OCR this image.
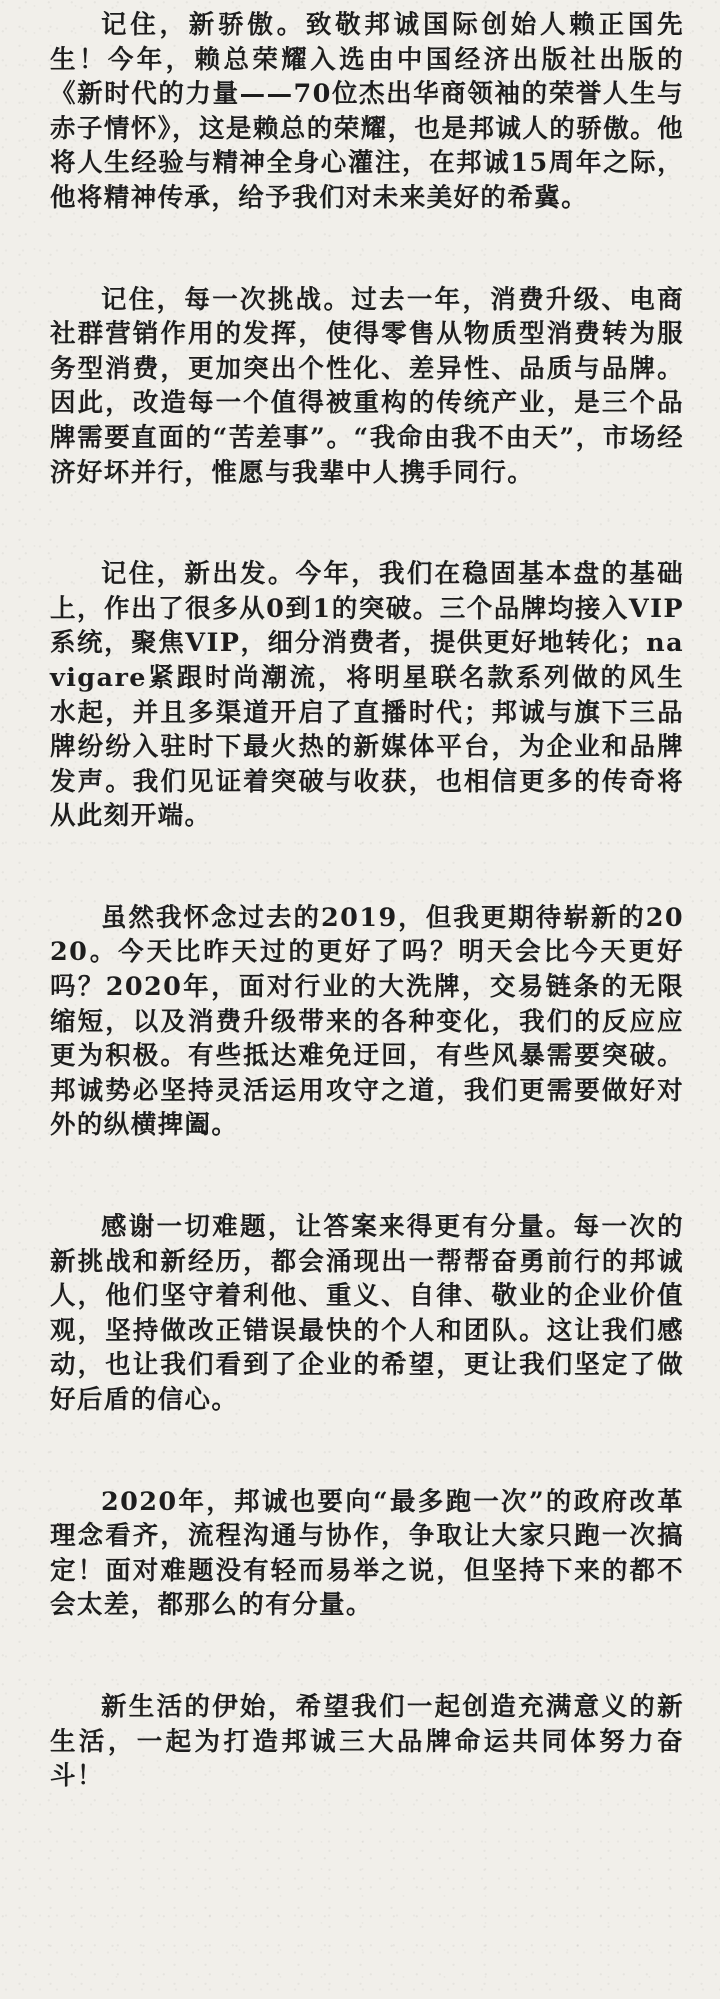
记住，新骄傲。致敬邦诚国际创始人赖正国先生！今年，赖总荣耀入选由中国经济出版社出版的《新时代的力量——70位杰出华商领袖的荣誉人生与赤子情怀》，这是赖总的荣耀，也是邦诚人的骄傲。他将人生经验与精神全身心灌注，在邦诚15周年之际，他将精神传承，给予我们对未来美好的希冀。

记住，每一次挑战。过去一年，消费升级、电商社群营销作用的发挥，使得零售从物质型消费转为服务型消费，更加突出个性化、差异性、品质与品牌。因此，改造每一个值得被重构的传统产业，是三个品牌需要直面的“苦差事”。“我命由我不由天”，市场经济好坏并行，惟愿与我辈中人携手同行。

记住，新出发。今年，我们在稳固基本盘的基础上，作出了很多从0到1的突破。三个品牌均接入VIP系统，聚焦VIP，细分消费者，提供更好地转化；navigare紧跟时尚潮流，将明星联名款系列做的风生水起，并且多渠道开启了直播时代；邦诚与旗下三品牌纷纷入驻时下最火热的新媒体平台，为企业和品牌发声。我们见证着突破与收获，也相信更多的传奇将从此刻开端。

虽然我怀念过去的2019，但我更期待崭新的2020。今天比昨天过的更好了吗？明天会比今天更好吗？2020年，面对行业的大洗牌，交易链条的无限缩短，以及消费升级带来的各种变化，我们的反应应更为积极。有些抵达难免迂回，有些风暴需要突破。邦诚势必坚持灵活运用攻守之道，我们更需要做好对外的纵横捭阖。

感谢一切难题，让答案来得更有分量。每一次的新挑战和新经历，都会涌现出一帮帮奋勇前行的邦诚人，他们坚守着利他、重义、自律、敬业的企业价值观，坚持做改正错误最快的个人和团队。这让我们感动，也让我们看到了企业的希望，更让我们坚定了做好后盾的信心。

2020年，邦诚也要向“最多跑一次”的政府改革理念看齐，流程沟通与协作，争取让大家只跑一次搞定！面对难题没有轻而易举之说，但坚持下来的都不会太差，都那么的有分量。

新生活的伊始，希望我们一起创造充满意义的新生活，一起为打造邦诚三大品牌命运共同体努力奋斗！
